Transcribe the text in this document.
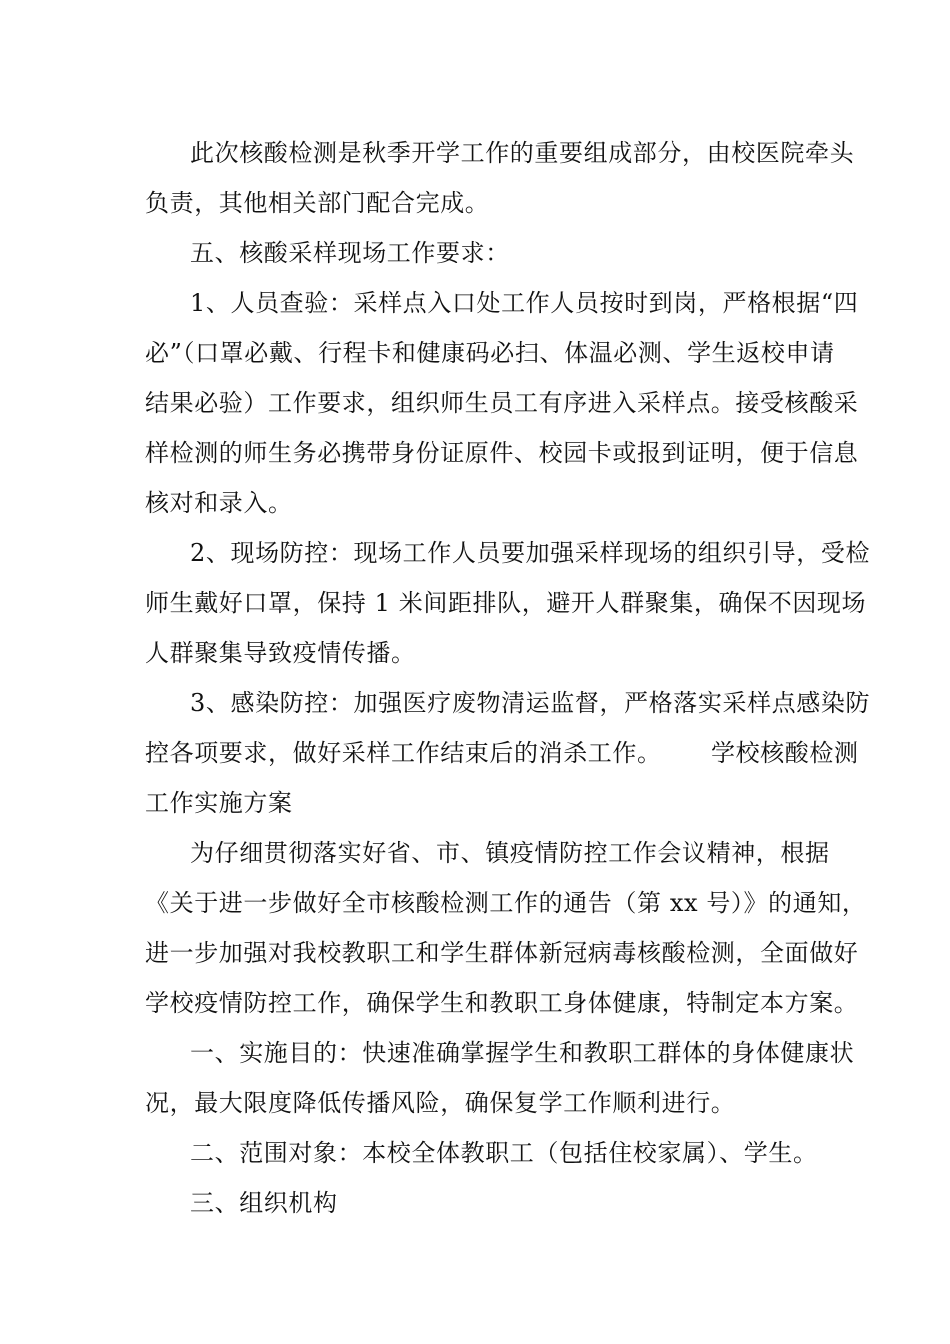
此次核酸检测是秋季开学工作的重要组成部分，由校医院牵头
负责，其他相关部门配合完成。
五、核酸采样现场工作要求：
1、人员查验：采样点入口处工作人员按时到岗，严格根据“四
必”（口罩必戴、行程卡和健康码必扫、体温必测、学生返校申请
结果必验）工作要求，组织师生员工有序进入采样点。接受核酸采
样检测的师生务必携带身份证原件、校园卡或报到证明，便于信息
核对和录入。
2、现场防控：现场工作人员要加强采样现场的组织引导，受检
师生戴好口罩，保持 1 米间距排队，避开人群聚集，确保不因现场
人群聚集导致疫情传播。
3、感染防控：加强医疗废物清运监督，严格落实采样点感染防
控各项要求，做好采样工作结束后的消杀工作。      学校核酸检测
工作实施方案
为仔细贯彻落实好省、市、镇疫情防控工作会议精神，根据
《关于进一步做好全市核酸检测工作的通告（第 xx 号）》的通知，
进一步加强对我校教职工和学生群体新冠病毒核酸检测，全面做好
学校疫情防控工作，确保学生和教职工身体健康，特制定本方案。
一、实施目的：快速准确掌握学生和教职工群体的身体健康状
况，最大限度降低传播风险，确保复学工作顺利进行。
二、范围对象：本校全体教职工（包括住校家属）、学生。
三、组织机构
